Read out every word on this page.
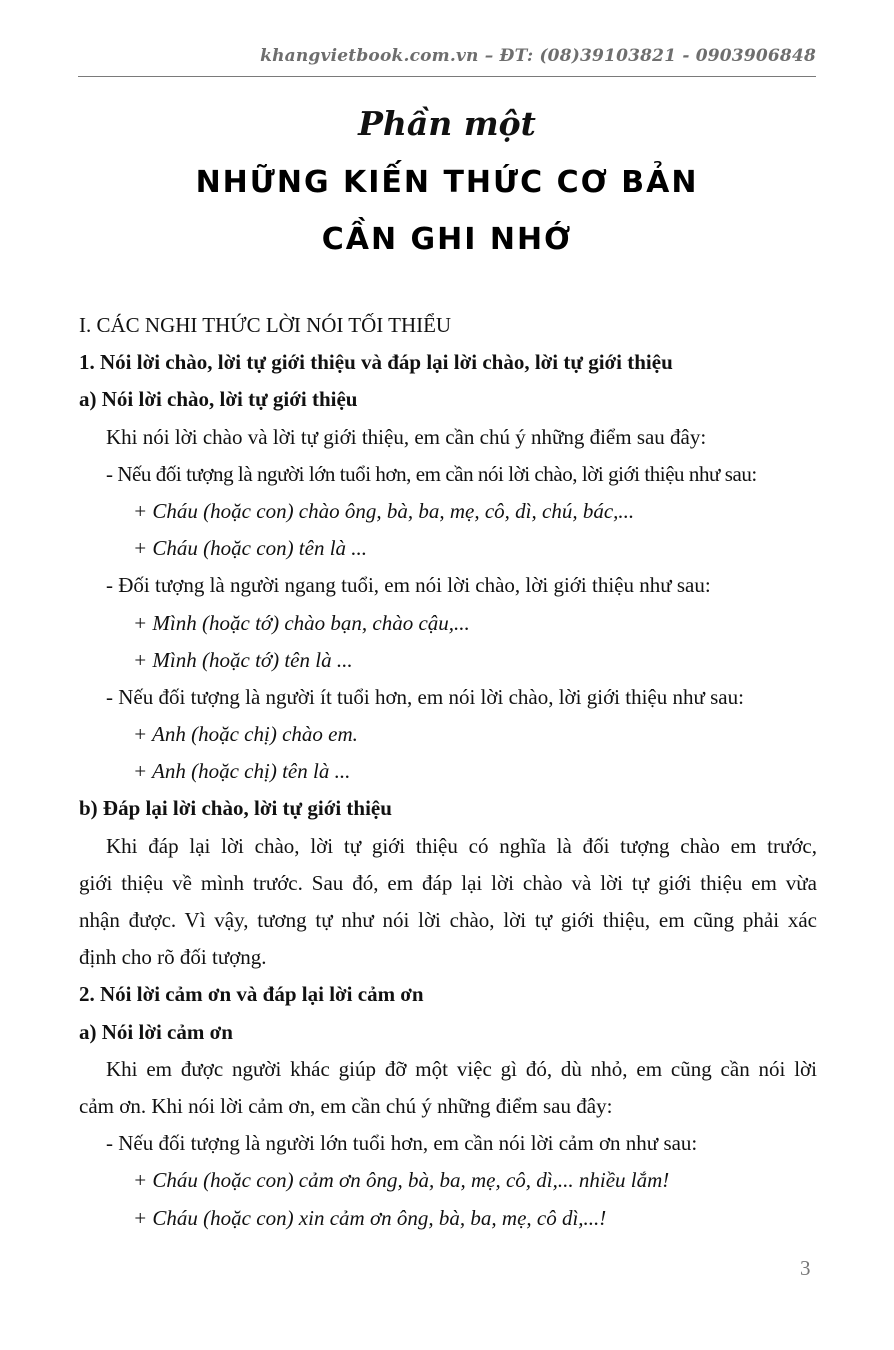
khangvietbook.com.vn – ĐT: (08)39103821 - 0903906848
Phần một
NHỮNG KIẾN THỨC CƠ BẢN
CẦN GHI NHỚ
I. CÁC NGHI THỨC LỜI NÓI TỐI THIỂU
1. Nói lời chào, lời tự giới thiệu và đáp lại lời chào, lời tự giới thiệu
a) Nói lời chào, lời tự giới thiệu
Khi nói lời chào và lời tự giới thiệu, em cần chú ý những điểm sau đây:
- Nếu đối tượng là người lớn tuổi hơn, em cần nói lời chào, lời giới thiệu như sau:
+ Cháu (hoặc con) chào ông, bà, ba, mẹ, cô, dì, chú, bác,...
+ Cháu (hoặc con) tên là ...
- Đối tượng là người ngang tuổi, em nói lời chào, lời giới thiệu như sau:
+ Mình (hoặc tớ) chào bạn, chào cậu,...
+ Mình (hoặc tớ) tên là ...
- Nếu đối tượng là người ít tuổi hơn, em nói lời chào, lời giới thiệu như sau:
+ Anh (hoặc chị) chào em.
+ Anh (hoặc chị) tên là ...
b) Đáp lại lời chào, lời tự giới thiệu
Khi đáp lại lời chào, lời tự giới thiệu có nghĩa là đối tượng chào em trước,
giới thiệu về mình trước. Sau đó, em đáp lại lời chào và lời tự giới thiệu em vừa
nhận được. Vì vậy, tương tự như nói lời chào, lời tự giới thiệu, em cũng phải xác
định cho rõ đối tượng.
2. Nói lời cảm ơn và đáp lại lời cảm ơn
a) Nói lời cảm ơn
Khi em được người khác giúp đỡ một việc gì đó, dù nhỏ, em cũng cần nói lời
cảm ơn. Khi nói lời cảm ơn, em cần chú ý những điểm sau đây:
- Nếu đối tượng là người lớn tuổi hơn, em cần nói lời cảm ơn như sau:
+ Cháu (hoặc con) cảm ơn ông, bà, ba, mẹ, cô, dì,... nhiều lắm!
+ Cháu (hoặc con) xin cảm ơn ông, bà, ba, mẹ, cô dì,...!
3
